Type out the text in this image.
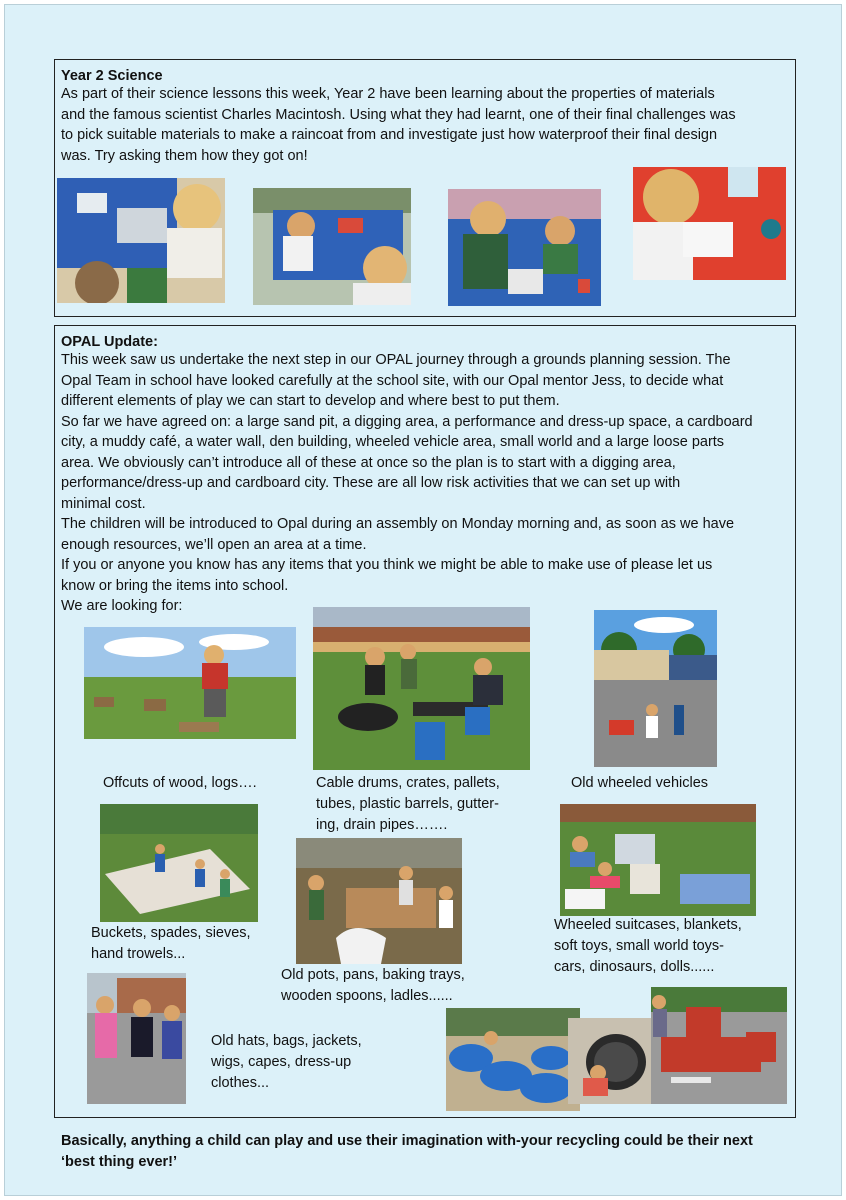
Year 2 Science

As part of their science lessons this week, Year 2 have been learning about the properties of materials

and the famous scientist Charles Macintosh. Using what they had learnt, one of their final challenges was

to pick suitable materials to make a raincoat from and investigate just how waterproof their final design

was. Try asking them how they got on!

OPAL Update:

This week saw us undertake the next step in our OPAL journey through a grounds planning session. The

Opal Team in school have looked carefully at the school site, with our Opal mentor Jess, to decide what

different elements of play we can start to develop and where best to put them.

So far we have agreed on: a large sand pit, a digging area, a performance and dress-up space, a cardboard

city, a muddy café, a water wall, den building, wheeled vehicle area, small world and a large loose parts

area. We obviously can’t introduce all of these at once so the plan is to start with a digging area,

performance/dress-up and cardboard city. These are all low risk activities that we can set up with

minimal cost.

The children will be introduced to Opal during an assembly on Monday morning and, as soon as we have

enough resources, we’ll open an area at a time.

If you or anyone you know has any items that you think we might be able to make use of please let us

know or bring the items into school.

We are looking for:

Offcuts of wood, logs….	Cable drums, crates, pallets,

tubes, plastic barrels, gutter-

ing, drain pipes…….

Old wheeled vehicles

Buckets, spades, sieves,

hand trowels...

Wheeled suitcases, blankets,

soft toys, small world toys-

cars, dinosaurs, dolls......

Old pots, pans, baking trays,

wooden spoons, ladles......

Old hats, bags, jackets,

wigs, capes, dress-up

clothes...

Basically, anything a child can play and use their imagination with-your recycling could be their next
‘best thing ever!’
